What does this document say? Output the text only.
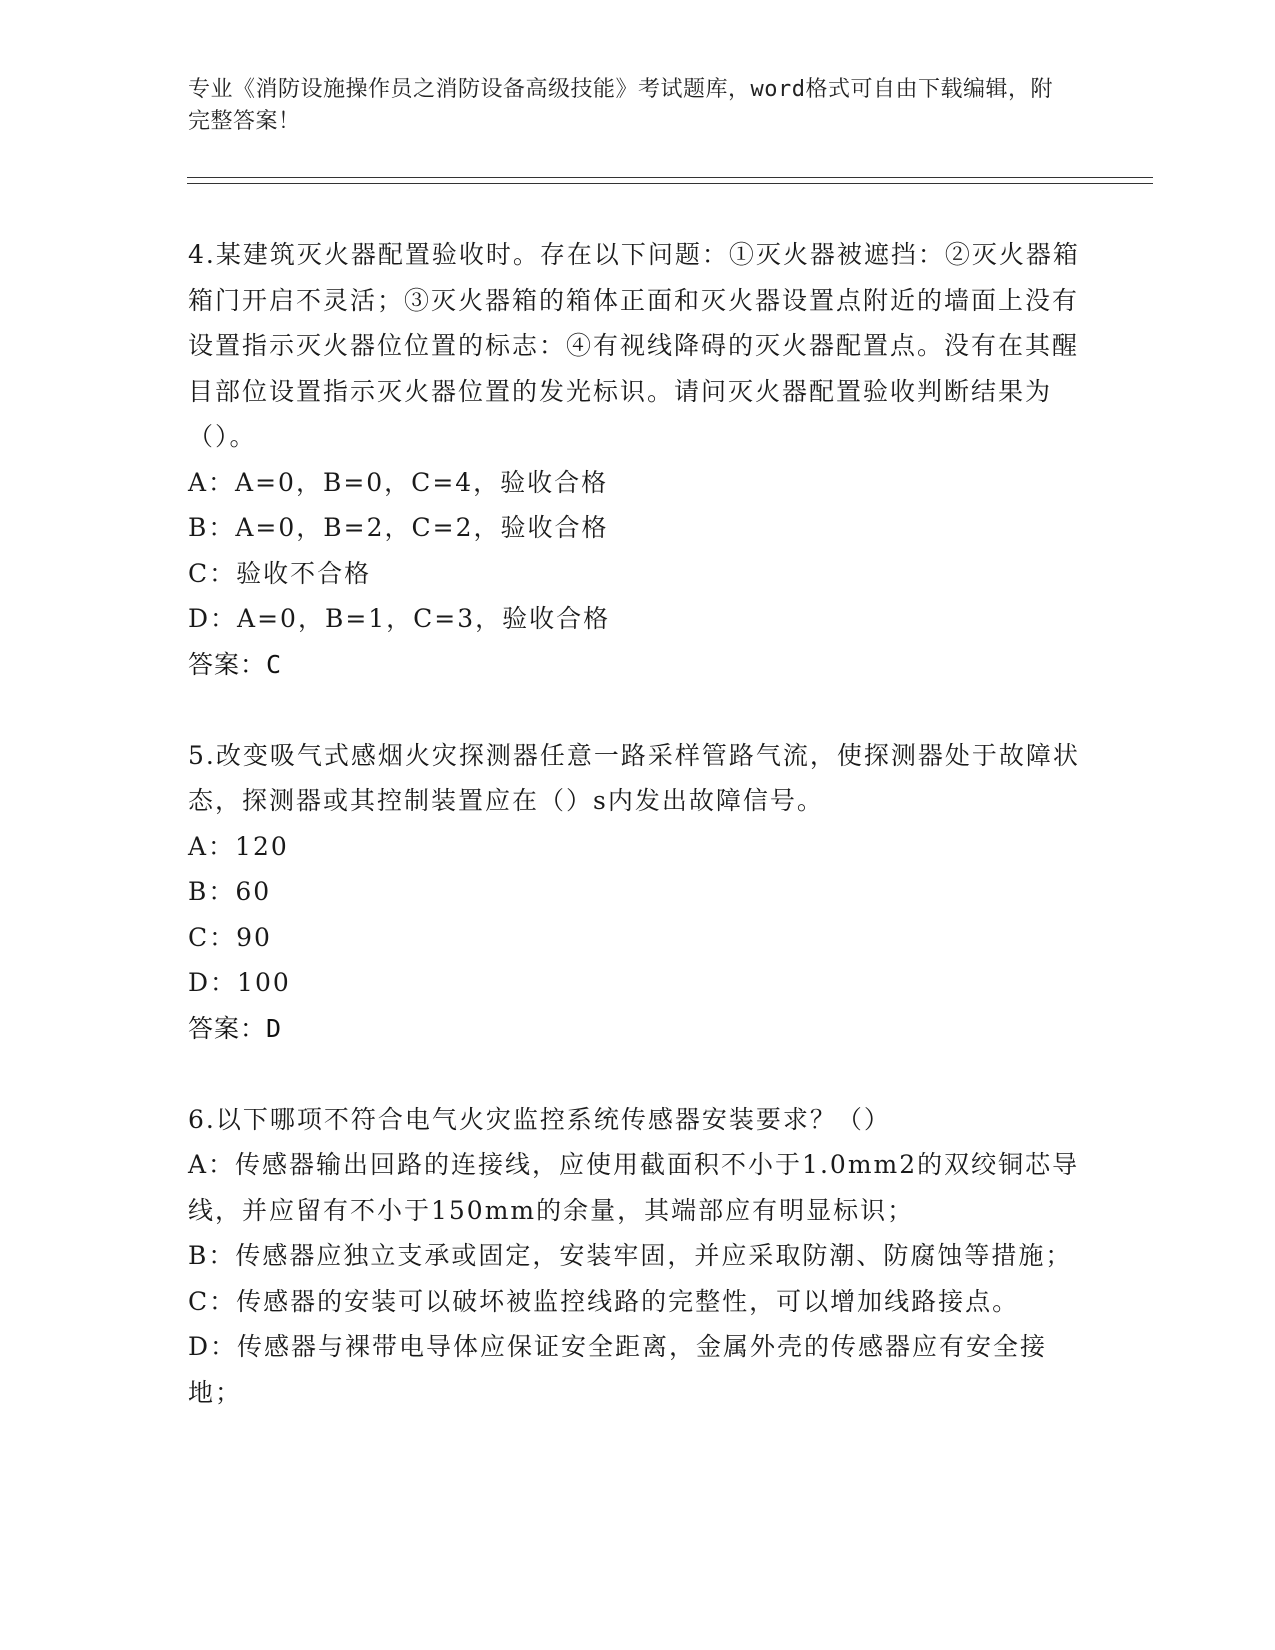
专业《消防设施操作员之消防设备高级技能》考试题库，word格式可自由下载编辑，附完整答案！
4.某建筑灭火器配置验收时。存在以下问题：①灭火器被遮挡：②灭火器箱箱门开启不灵活；③灭火器箱的箱体正面和灭火器设置点附近的墙面上没有设置指示灭火器位位置的标志：④有视线降碍的灭火器配置点。没有在其醒目部位设置指示灭火器位置的发光标识。请问灭火器配置验收判断结果为（）。
A：A=0，B=0，C=4，验收合格
B：A=0，B=2，C=2，验收合格
C：验收不合格
D：A=0，B=1，C=3，验收合格
答案：C
5.改变吸气式感烟火灾探测器任意一路采样管路气流，使探测器处于故障状态，探测器或其控制装置应在（）s内发出故障信号。
A：120
B：60
C：90
D：100
答案：D
6.以下哪项不符合电气火灾监控系统传感器安装要求？（）
A：传感器输出回路的连接线，应使用截面积不小于1.0mm2的双绞铜芯导线，并应留有不小于150mm的余量，其端部应有明显标识；
B：传感器应独立支承或固定，安装牢固，并应采取防潮、防腐蚀等措施；
C：传感器的安装可以破坏被监控线路的完整性，可以增加线路接点。
D：传感器与裸带电导体应保证安全距离，金属外壳的传感器应有安全接地；
